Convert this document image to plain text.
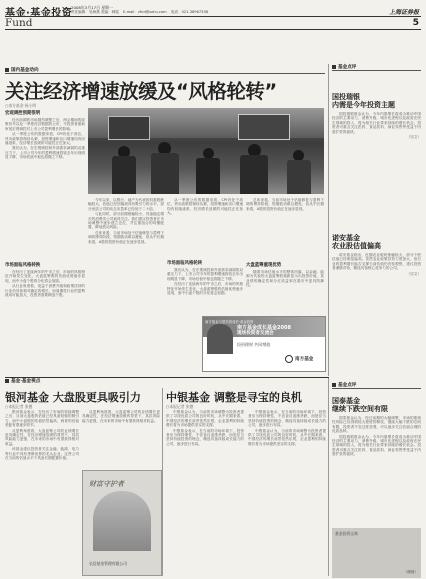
基金·基金投资
2008年3月17日 星期一
责任编辑：吴海燕 美编：韩铭 E-mail：zfnd@sohu.com 电话：021-38967338	上海证券报
Fund	5
国内基金动向
关注经济增速放缓及“风格轮转”
○南方基金 杨小明
宏观调控预期很明

经历前期的市场剧烈调整之后，两会期间的政策信号以及一季度经济数据的公布，令投资者重新审视宏观调控对上市公司盈利增长的影响。

从一季度公布的数据来看，CPI仍处于高位，货币政策将保持从紧，投资增速和出口增速均有回落迹象，经济增长放缓的可能性正在加大。

我们认为，在宏观调控和外部需求减弱的双重压力下，上市公司今年的盈利增速将较去年出现明显下降，市场估值中枢也将随之下移。

市场面临风格转换

在经历了连续两年的牛市之后，市场的风格特征开始发生变化，大盘蓝筹股的估值优势逐步显现，而中小盘个股的分化将会加剧。

从行业角度看，受益于消费升级和政策扶持的行业仍具备相对确定的增长，而周期性行业的盈利波动可能加大，投资者需要精选个股。

今年以来，以银行、地产为代表的权重股跌幅较大，估值已经回落到具有吸引力的水平，部分优质公司的动态市盈率已经低于二十倍。

与此同时，部分前期涨幅较小、具备稳定增长的消费类公司值得关注。我们建议投资者在市场调整中逐步建立仓位，并注重组合的均衡配置，降低波动风险。

总体来看，当前市场处于估值修复与盈利下调的博弈阶段，短期波动难以避免，但从中长期来看，A股的投资价值正在逐步显现。

从一季度公布的数据来看，CPI仍处于高位，货币政策将保持从紧，投资增速和出口增速均有回落迹象，经济增长放缓的可能性正在加大。

市场面临风格轮转

我们认为，在宏观调控和外部需求减弱的双重压力下，上市公司今年的盈利增速将较去年出现明显下降，市场估值中枢也将随之下移。

在经历了连续两年的牛市之后，市场的风格特征开始发生变化，大盘蓝筹股的估值优势逐步显现，而中小盘个股的分化将会加剧。

总体来看，当前市场处于估值修复与盈利下调的博弈阶段，短期波动难以避免，但从中长期来看，A股的投资价值正在逐步显现。

大盘蓝筹重现优势

随着市场估值水平的整体回落，以金融、能源为代表的大盘蓝筹股重新显示出投资价值，其业绩的确定性和分红收益率在弱市中更具防御性。

南方基金与您共同成长·基金投资
南方基金成长基金2008
现场投资者交流会
投资理财 共同增值
南方基金
基金点评
国投瑞银
内需是今年投资主题

国投瑞银基金认为，今年内需增长将成为推动中国经济的主要动力，消费升级、城市化进程以及政府在民生领域的投入，将为相关行业带来持续的增长机会。投资者可重点关注医药、食品饮料、商业零售等受益于内需扩张的板块。

（宗文）
诺安基金
农业股估值偏高

诺安基金指出，近期农业板块涨幅较大，部分个股估值已经明显偏高。虽然农业政策扶持力度加大，但行业的盈利增长能否支撑当前估值仍有待观察，建议投资者谨慎对待，精选具备核心竞争力的公司。

（宗文）
基金·基金视点
银河基金 大盘股更具吸引力
○本报记者 张德

银河基金表示，在经历了市场的持续调整之后，目前大盘股的估值已经具备较强的吸引力，而中小盘股的估值依然偏高，两者的估值差距有望逐步收窄。

从盈利角度看，大盘蓝筹公司的业绩增长更具确定性，在经济增速放缓的背景下，其抗风险能力更强，在未来的市场中有望获得相对收益。

该基金建议投资者关注金融、能源、电力等行业中具有垄断优势的龙头企业，这些公司在当前的估值水平下具备长期配置价值。

从盈利角度看，大盘蓝筹公司的业绩增长更具确定性，在经济增速放缓的背景下，其抗风险能力更强，在未来的市场中有望获得相对收益。

财富守护者
长信基金管理有限公司
中银基金 调整是寻宝的良机
○本报记者 张德

中银基金认为，当前的市场调整为投资者提供了寻找优质公司的良好时机，从中长期来看，中国经济的增长前景依然乐观，企业盈利的持续增长将为市场提供坚实的支撑。

中银基金表示，在当前的市场环境下，投资者应当保持理性，不宜盲目追涨杀跌，而是应当坚持价值投资的理念，精选具备持续成长能力的公司，逐步进行布局。

中银基金表示，在当前的市场环境下，投资者应当保持理性，不宜盲目追涨杀跌，而是应当坚持价值投资的理念，精选具备持续成长能力的公司，逐步进行布局。

中银基金认为，当前的市场调整为投资者提供了寻找优质公司的良好时机，从中长期来看，中国经济的增长前景依然乐观，企业盈利的持续增长将为市场提供坚实的支撑。

基金点评
国泰基金
继续下跌空间有限

国泰基金认为，经过前期的大幅调整，市场的系统性风险已经得到较大程度的释放，继续大幅下跌的空间有限，投资者不宜过度悲观，可以逐步关注估值合理的优质品种。

国投瑞银基金认为，今年内需增长将成为推动中国经济的主要动力，消费升级、城市化进程以及政府在民生领域的投入，将为相关行业带来持续的增长机会。投资者可重点关注医药、食品饮料、商业零售等受益于内需扩张的板块。

基金投资宝典
（理财）
